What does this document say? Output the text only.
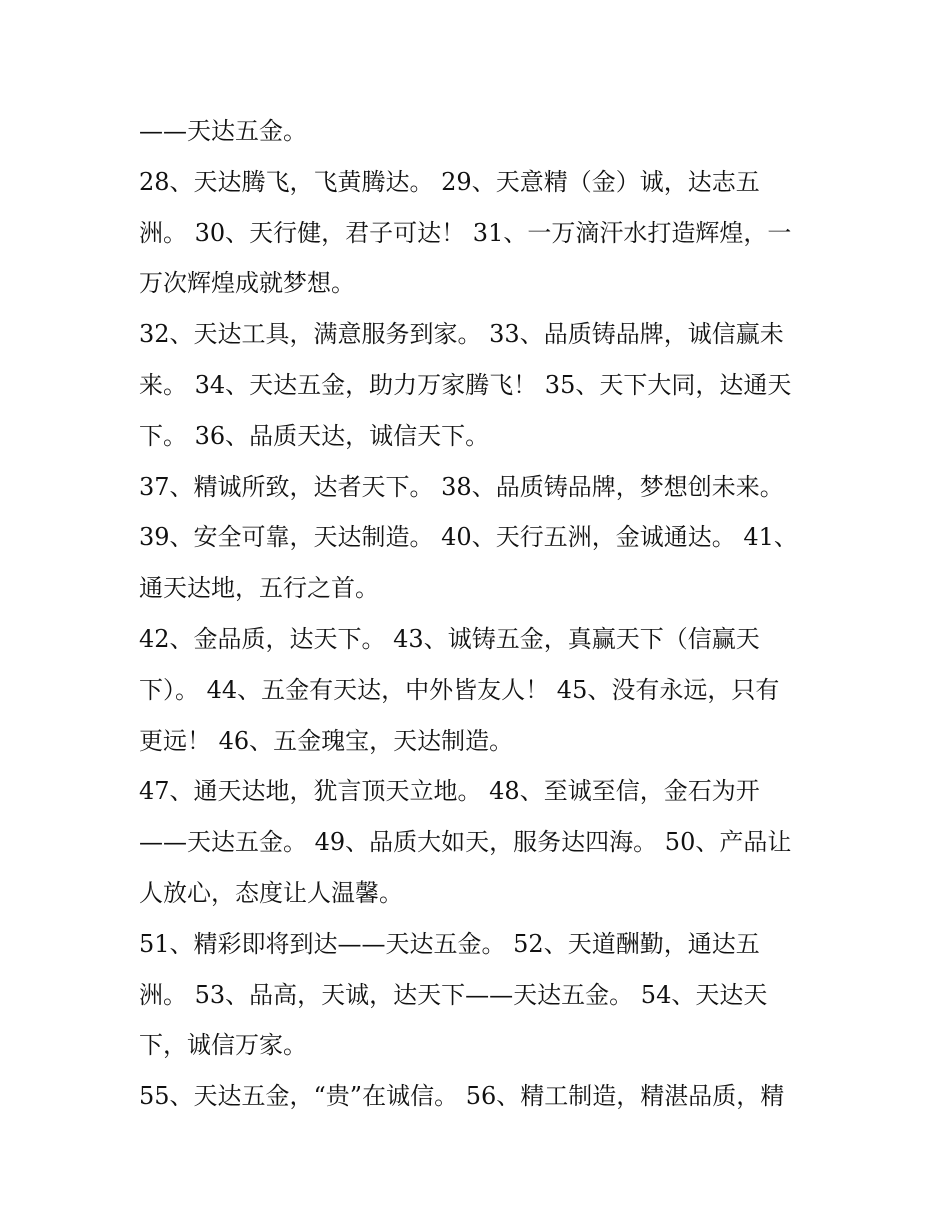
——天达五金。
28、天达腾飞，飞黄腾达。 29、天意精（金）诚，达志五
洲。 30、天行健，君子可达！ 31、一万滴汗水打造辉煌，一
万次辉煌成就梦想。
32、天达工具，满意服务到家。 33、品质铸品牌，诚信赢未
来。 34、天达五金，助力万家腾飞！ 35、天下大同，达通天
下。 36、品质天达，诚信天下。
37、精诚所致，达者天下。 38、品质铸品牌，梦想创未来。
39、安全可靠，天达制造。 40、天行五洲，金诚通达。 41、
通天达地，五行之首。
42、金品质，达天下。 43、诚铸五金，真赢天下（信赢天
下）。 44、五金有天达，中外皆友人！ 45、没有永远，只有
更远！ 46、五金瑰宝，天达制造。
47、通天达地，犹言顶天立地。 48、至诚至信，金石为开
——天达五金。 49、品质大如天，服务达四海。 50、产品让
人放心，态度让人温馨。
51、精彩即将到达——天达五金。 52、天道酬勤，通达五
洲。 53、品高，天诚，达天下——天达五金。 54、天达天
下，诚信万家。
55、天达五金，“贵”在诚信。 56、精工制造，精湛品质，精
